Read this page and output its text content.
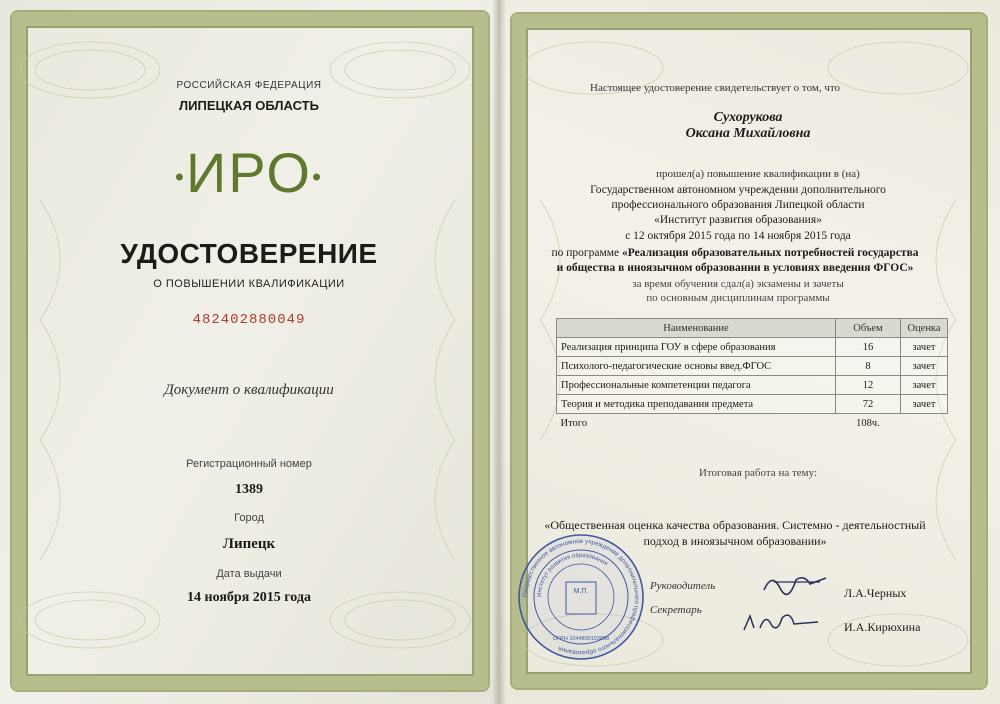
РОССИЙСКАЯ ФЕДЕРАЦИЯ
ЛИПЕЦКАЯ ОБЛАСТЬ
•ИРО•
УДОСТОВЕРЕНИЕ
О ПОВЫШЕНИИ КВАЛИФИКАЦИИ
482402880049
Документ о квалификации
Регистрационный номер
1389
Город
Липецк
Дата выдачи
14 ноября 2015 года
Настоящее удостоверение свидетельствует о том, что
Сухорукова
Оксана Михайловна
прошел(а) повышение квалификации в (на)
Государственном автономном учреждении дополнительного
профессионального образования Липецкой области
«Институт развития образования»
с 12 октября 2015 года по 14 ноября 2015 года
по программе «Реализация образовательных потребностей государства
и общества в иноязычном образовании в условиях введения ФГОС»
за время обучения сдал(а) экзамены и зачеты
по основным дисциплинам программы
Наименование	Объем	Оценка
Реализация принципа ГОУ в сфере образования	16	зачет
Психолого-педагогические основы введ.ФГОС	8	зачет
Профессиональные компетенции педагога	12	зачет
Теория и методика преподавания предмета	72	зачет
Итого	108ч.	
Итоговая работа на тему:
«Общественная оценка качества образования. Системно - деятельностный
подход в иноязычном образовании»
Государственное автономное учреждение дополнительного профессионального образования
Институт развития образования
М.П.
ОГРН 1044800193898
Руководитель	Л.А.Черных
Секретарь
И.А.Кирюхина
